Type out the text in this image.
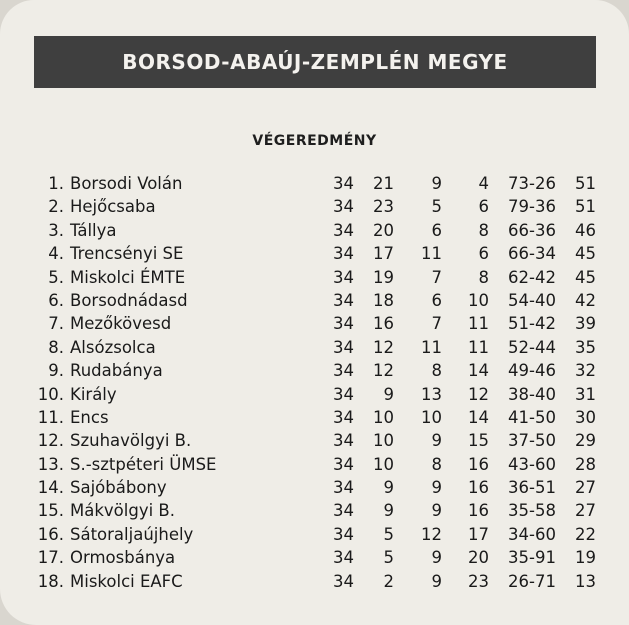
BORSOD-ABAÚJ-ZEMPLÉN MEGYE
VÉGEREDMÉNY
1. Borsodi Volán	34	21	9	4	73-26	51
2. Hejőcsaba	34	23	5	6	79-36	51
3. Tállya	34	20	6	8	66-36	46
4. Trencsényi SE	34	17	11	6	66-34	45
5. Miskolci ÉMTE	34	19	7	8	62-42	45
6. Borsodnádasd	34	18	6	10	54-40	42
7. Mezőkövesd	34	16	7	11	51-42	39
8. Alsózsolca	34	12	11	11	52-44	35
9. Rudabánya	34	12	8	14	49-46	32
10. Király	34	9	13	12	38-40	31
11. Encs	34	10	10	14	41-50	30
12. Szuhavölgyi B.	34	10	9	15	37-50	29
13. S.-sztpéteri ÜMSE	34	10	8	16	43-60	28
14. Sajóbábony	34	9	9	16	36-51	27
15. Mákvölgyi B.	34	9	9	16	35-58	27
16. Sátoraljaújhely	34	5	12	17	34-60	22
17. Ormosbánya	34	5	9	20	35-91	19
18. Miskolci EAFC	34	2	9	23	26-71	13
